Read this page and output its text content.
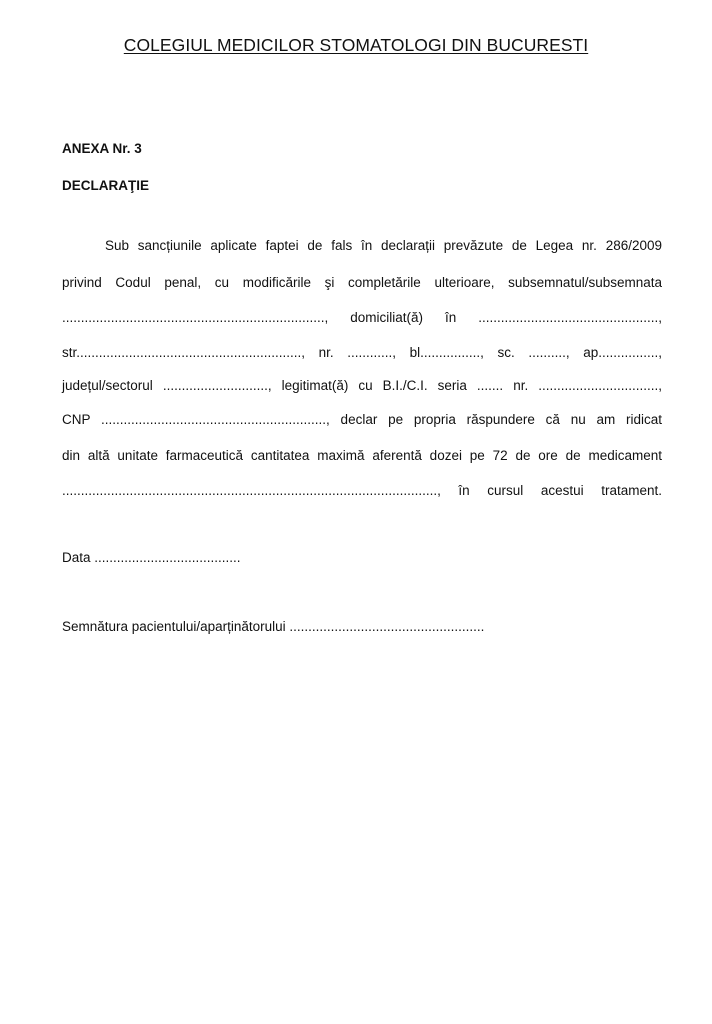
COLEGIUL MEDICILOR STOMATOLOGI DIN BUCURESTI
ANEXA Nr. 3
DECLARAŢIE
Sub sancțiunile aplicate faptei de fals în declarații prevăzute de Legea nr. 286/2009
privind Codul penal, cu modificările şi completările ulterioare, subsemnatul/subsemnata
......................................................................, domiciliat(ă) în ................................................,
str............................................................, nr. ............, bl................, sc. .........., ap................,
județul/sectorul ............................, legitimat(ă) cu B.I./C.I. seria ....... nr. ................................,
CNP ............................................................, declar pe propria răspundere că nu am ridicat
din altă unitate farmaceutică cantitatea maximă aferentă dozei pe 72 de ore de medicament
...................................................................................................., în cursul acestui tratament.
Data .......................................
Semnătura pacientului/aparținătorului ....................................................
